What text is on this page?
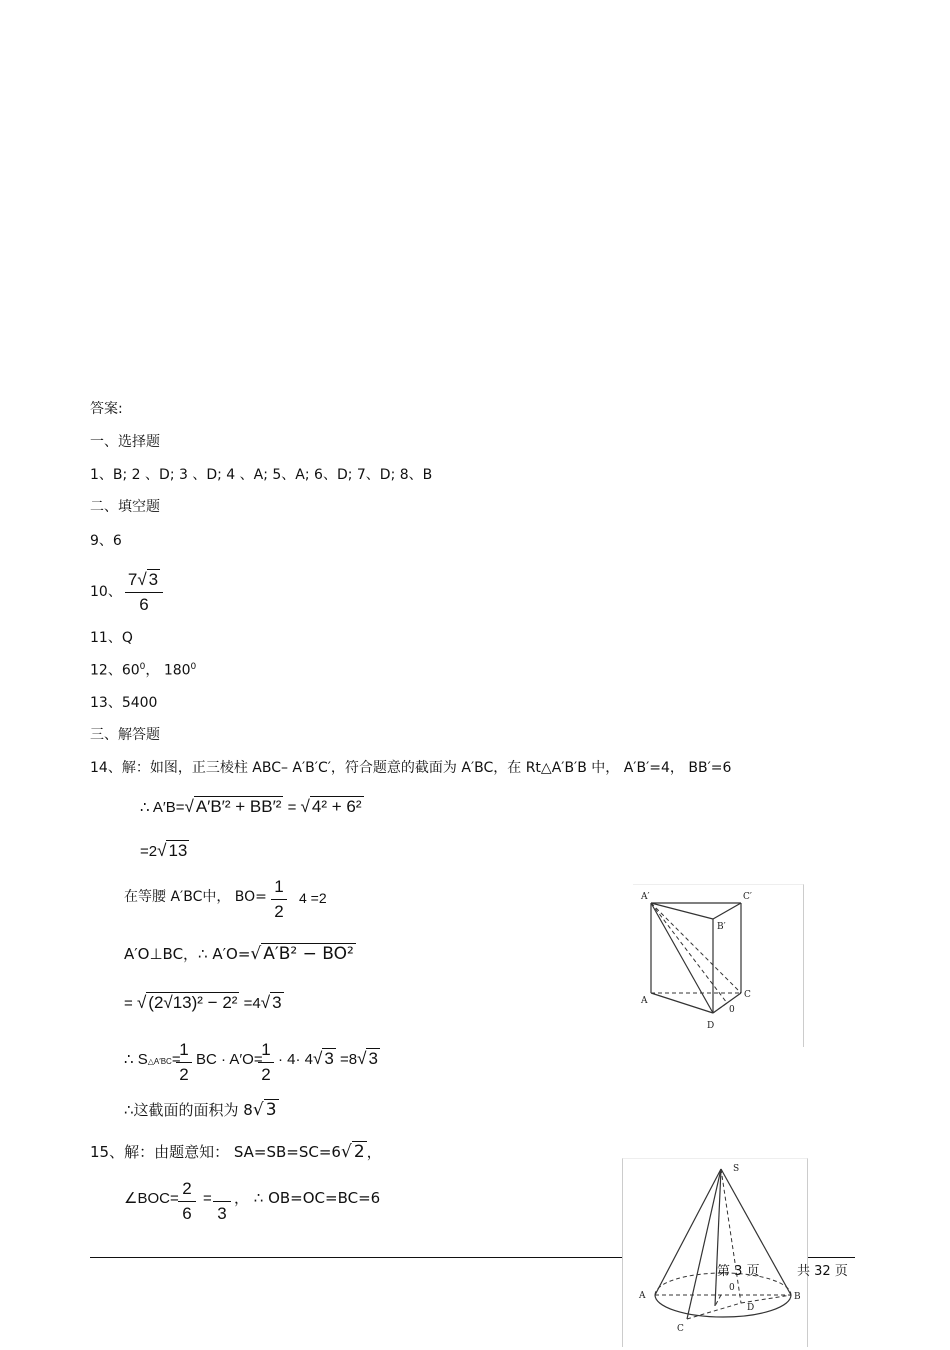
答案:
一、选择题
1、B; 2 、D; 3 、D; 4 、A; 5、A; 6、D; 7、D; 8、B
二、填空题
9、6
10、 $\frac{7√ 3}{6}$
11、Q
12、$60^0$， $180^0$
13、5400
三、解答题
14、解：如图，正三棱柱 ABC– A′B′C′，符合题意的截面为 A′BC，在 Rt△A′B′B 中， A′B′=4， BB′=6
∴ A′B=√ A′B′² + BB′² = √ 4² + 6²
=2√ 13
在等腰 A′BC中， $BO= \frac{1}{2} 4 =2$
A′O⊥BC，∴ A′O=√ A′B² − BO²
= √ (2√13)² − 2² =4√ 3
∴ S△A′BC=
$\frac{1}{2}$ BC · A′O=
$\frac{1}{2} \cdot 4\cdot 4√$ 3 =8√ 3
∴这截面的面积为 8√ 3
A′	C′
B′
A
C
D
0
15、解：由题意知： SA=SB=SC=6√ 2 ，
∠BOC= $\frac{2}{6} = \frac{\pi}{3}$ ， ∴ OB=OC=BC=6
S
A	B
C
D
0
第 3 页	共 32 页
